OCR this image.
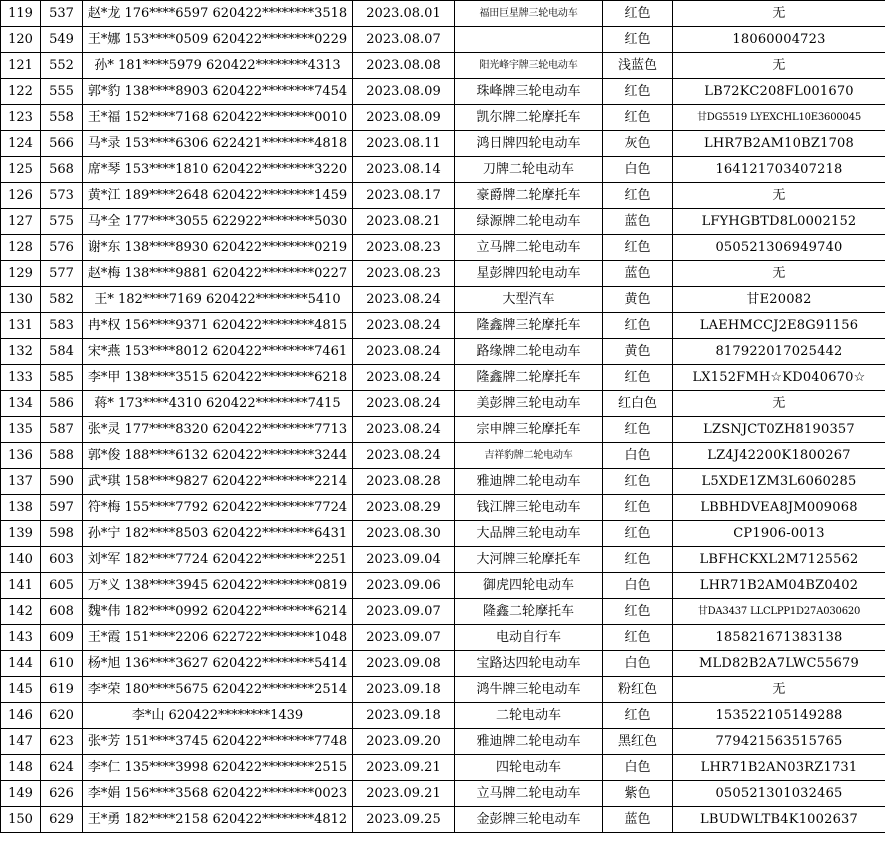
119	537	赵*龙 176****6597 620422********3518	2023.08.01	福田巨星牌三轮电动车	红色	无
120	549	王*娜 153****0509 620422********0229	2023.08.07		红色	18060004723
121	552	孙* 181****5979 620422********4313	2023.08.08	阳光峰宇牌三轮电动车	浅蓝色	无
122	555	郭*豹 138****8903 620422********7454	2023.08.09	珠峰牌三轮电动车	红色	LB72KC208FL001670
123	558	王*福 152****7168 620422********0010	2023.08.09	凯尔牌二轮摩托车	红色	甘DG5519 LYEXCHL10E3600045
124	566	马*录 153****6306 622421********4818	2023.08.11	鸿日牌四轮电动车	灰色	LHR7B2AM10BZ1708
125	568	席*琴 153****1810 620422********3220	2023.08.14	刀牌二轮电动车	白色	164121703407218
126	573	黄*江 189****2648 620422********1459	2023.08.17	豪爵牌二轮摩托车	红色	无
127	575	马*全 177****3055 622922********5030	2023.08.21	绿源牌二轮电动车	蓝色	LFYHGBTD8L0002152
128	576	谢*东 138****8930 620422********0219	2023.08.23	立马牌二轮电动车	红色	050521306949740
129	577	赵*梅 138****9881 620422********0227	2023.08.23	星彭牌四轮电动车	蓝色	无
130	582	王* 182****7169 620422********5410	2023.08.24	大型汽车	黄色	甘E20082
131	583	冉*权 156****9371 620422********4815	2023.08.24	隆鑫牌三轮摩托车	红色	LAEHMCCJ2E8G91156
132	584	宋*燕 153****8012 620422********7461	2023.08.24	路缘牌二轮电动车	黄色	817922017025442
133	585	李*甲 138****3515 620422********6218	2023.08.24	隆鑫牌二轮摩托车	红色	LX152FMH☆KD040670☆
134	586	蒋* 173****4310 620422********7415	2023.08.24	美彭牌三轮电动车	红白色	无
135	587	张*灵 177****8320 620422********7713	2023.08.24	宗申牌三轮摩托车	红色	LZSNJCT0ZH8190357
136	588	郭*俊 188****6132 620422********3244	2023.08.24	吉祥豹牌二轮电动车	白色	LZ4J42200K1800267
137	590	武*琪 158****9827 620422********2214	2023.08.28	雅迪牌二轮电动车	红色	L5XDE1ZM3L6060285
138	597	符*梅 155****7792 620422********7724	2023.08.29	钱江牌三轮电动车	红色	LBBHDVEA8JM009068
139	598	孙*宁 182****8503 620422********6431	2023.08.30	大品牌三轮电动车	红色	CP1906-0013
140	603	刘*军 182****7724 620422********2251	2023.09.04	大河牌三轮摩托车	红色	LBFHCKXL2M7125562
141	605	万*义 138****3945 620422********0819	2023.09.06	御虎四轮电动车	白色	LHR71B2AM04BZ0402
142	608	魏*伟 182****0992 620422********6214	2023.09.07	隆鑫二轮摩托车	红色	甘DA3437 LLCLPP1D27A030620
143	609	王*霞 151****2206 622722********1048	2023.09.07	电动自行车	红色	185821671383138
144	610	杨*旭 136****3627 620422********5414	2023.09.08	宝路达四轮电动车	白色	MLD82B2A7LWC55679
145	619	李*荣 180****5675 620422********2514	2023.09.18	鸿牛牌三轮电动车	粉红色	无
146	620	李*山 620422********1439	2023.09.18	二轮电动车	红色	153522105149288
147	623	张*芳 151****3745 620422********7748	2023.09.20	雅迪牌二轮电动车	黑红色	779421563515765
148	624	李*仁 135****3998 620422********2515	2023.09.21	四轮电动车	白色	LHR71B2AN03RZ1731
149	626	李*娟 156****3568 620422********0023	2023.09.21	立马牌二轮电动车	紫色	050521301032465
150	629	王*勇 182****2158 620422********4812	2023.09.25	金彭牌三轮电动车	蓝色	LBUDWLTB4K1002637
